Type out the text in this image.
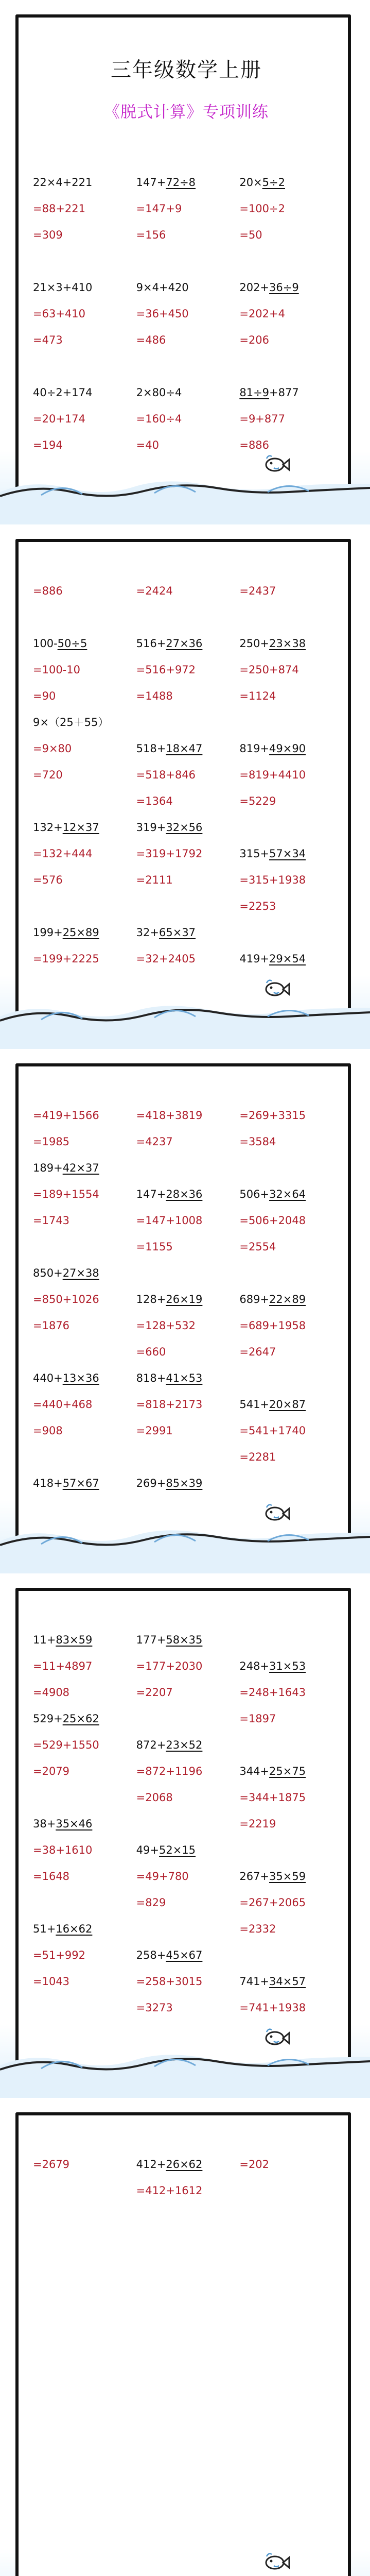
三年级数学上册
《脱式计算》专项训练
22×4+221
=88+221
=309
21×3+410
=63+410
=473
40÷2+174
=20+174
=194
147+72÷8
=147+9
=156
9×4+420
=36+450
=486
2×80÷4
=160÷4
=40
20×5÷2
=100÷2
=50
202+36÷9
=202+4
=206
81÷9+877
=9+877
=886
=886
100-50÷5
=100-10
=90
9×（25＋55）
=9×80
=720
132+12×37
=132+444
=576
199+25×89
=199+2225
=2424
516+27×36
=516+972
=1488
518+18×47
=518+846
=1364
319+32×56
=319+1792
=2111
32+65×37
=32+2405
=2437
250+23×38
=250+874
=1124
819+49×90
=819+4410
=5229
315+57×34
=315+1938
=2253
419+29×54
=419+1566
=1985
189+42×37
=189+1554
=1743
850+27×38
=850+1026
=1876
440+13×36
=440+468
=908
418+57×67
=418+3819
=4237
147+28×36
=147+1008
=1155
128+26×19
=128+532
=660
818+41×53
=818+2173
=2991
269+85×39
=269+3315
=3584
506+32×64
=506+2048
=2554
689+22×89
=689+1958
=2647
541+20×87
=541+1740
=2281
11+83×59
=11+4897
=4908
529+25×62
=529+1550
=2079
38+35×46
=38+1610
=1648
51+16×62
=51+992
=1043
177+58×35
=177+2030
=2207
872+23×52
=872+1196
=2068
49+52×15
=49+780
=829
258+45×67
=258+3015
=3273
248+31×53
=248+1643
=1897
344+25×75
=344+1875
=2219
267+35×59
=267+2065
=2332
741+34×57
=741+1938
=2679	412+26×62
=412+1612
=202
